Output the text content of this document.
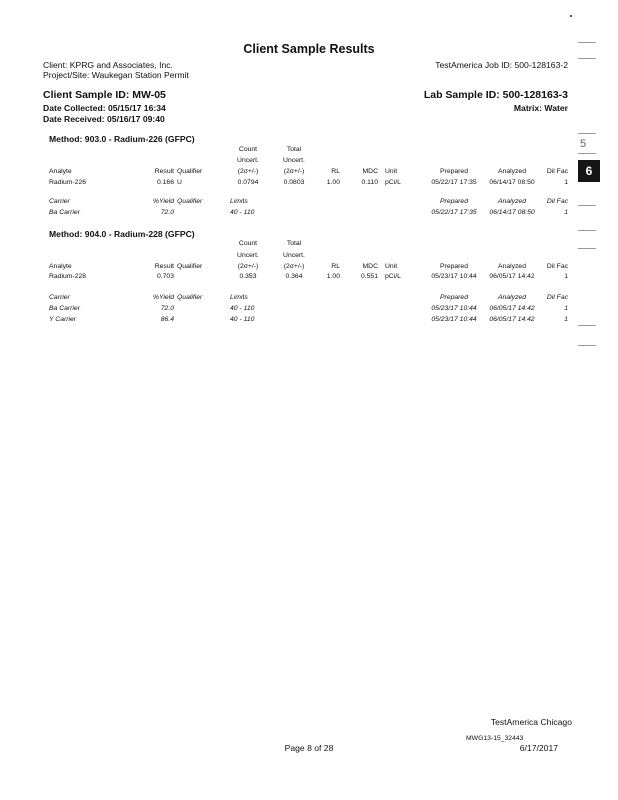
Client Sample Results
Client: KPRG and Associates, Inc.
Project/Site: Waukegan Station Permit
TestAmerica Job ID: 500-128163-2
Client Sample ID: MW-05	Lab Sample ID: 500-128163-3
Date Collected: 05/15/17 16:34	Matrix: Water
Date Received: 05/16/17 09:40
Method: 903.0 - Radium-226 (GFPC)
Count	Total
Uncert.	Uncert.
Analyte	Result Qualifier	(2σ+/-)	(2σ+/-)	RL	MDC Unit	Prepared	Analyzed	Dil Fac
Radium-226	0.166 U	0.0794	0.0803	1.00	0.110 pCi/L	05/22/17 17:35	06/14/17 08:50	1
Carrier	%Yield Qualifier	Limits	Prepared	Analyzed	Dil Fac
Ba Carrier	72.0	40 - 110	05/22/17 17:35	06/14/17 08:50	1
Method: 904.0 - Radium-228 (GFPC)
Count	Total
Uncert.	Uncert.
Analyte	Result Qualifier	(2σ+/-)	(2σ+/-)	RL	MDC Unit	Prepared	Analyzed	Dil Fac
Radium-228	0.703	0.353	0.364	1.00	0.551 pCi/L	05/23/17 10:44	06/05/17 14:42	1
Carrier	%Yield Qualifier	Limits	Prepared	Analyzed	Dil Fac
Ba Carrier	72.0	40 - 110	05/23/17 10:44	06/05/17 14:42	1
Y Carrier	86.4	40 - 110	05/23/17 10:44	06/05/17 14:42	1
5
6
TestAmerica Chicago
Page 8 of 28
MWG13-15_32443
6/17/2017
